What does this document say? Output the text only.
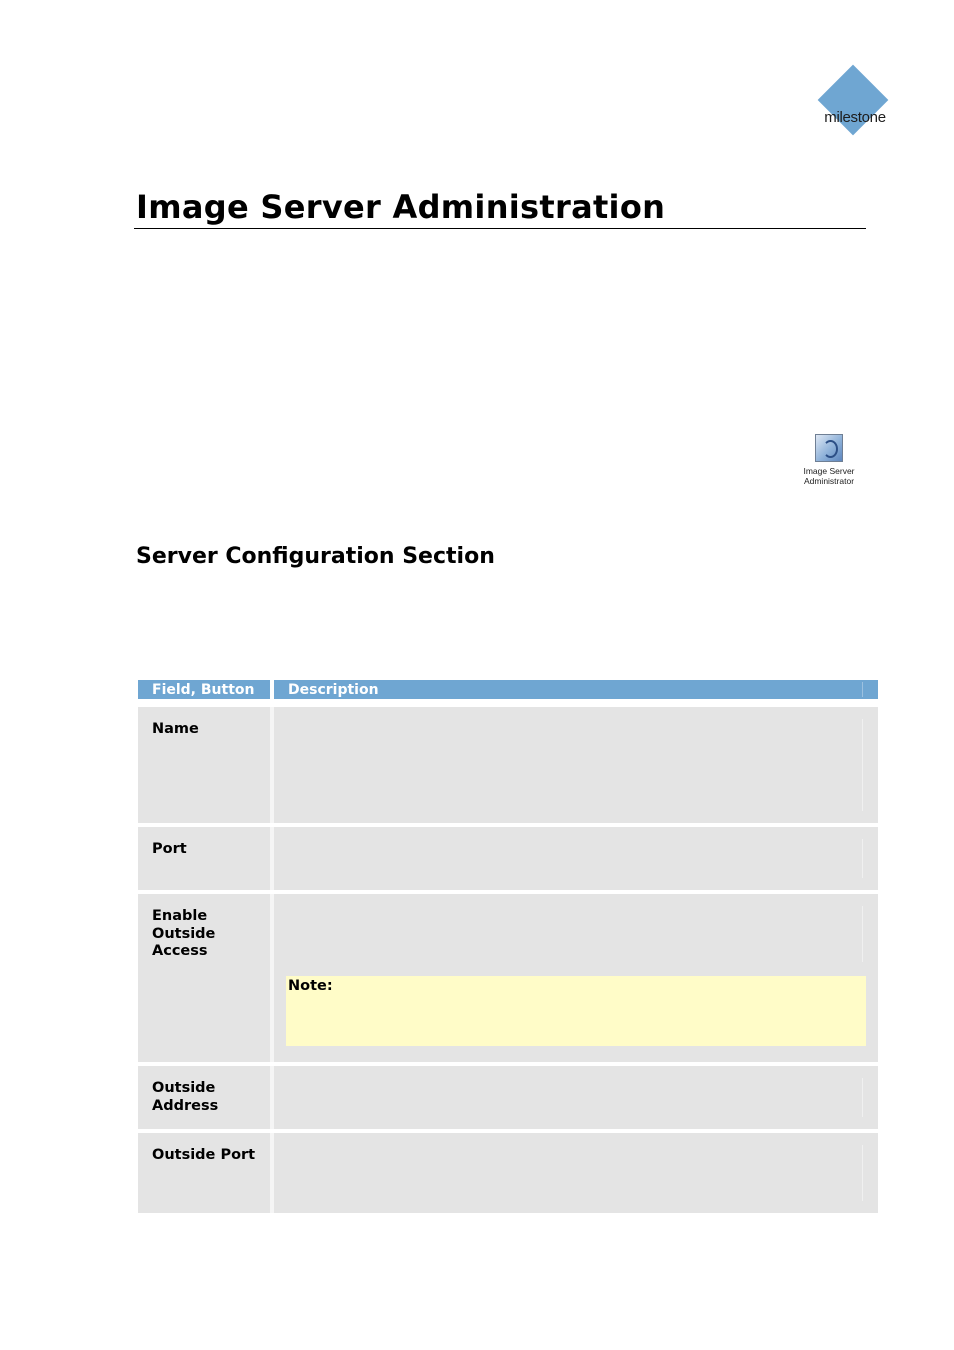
milestone
Image Server Administration
Image Server
Administrator
Server Configuration Section
Field, Button	Description
Name
Port
Enable
Outside
Access
Note:
Outside
Address
Outside Port
